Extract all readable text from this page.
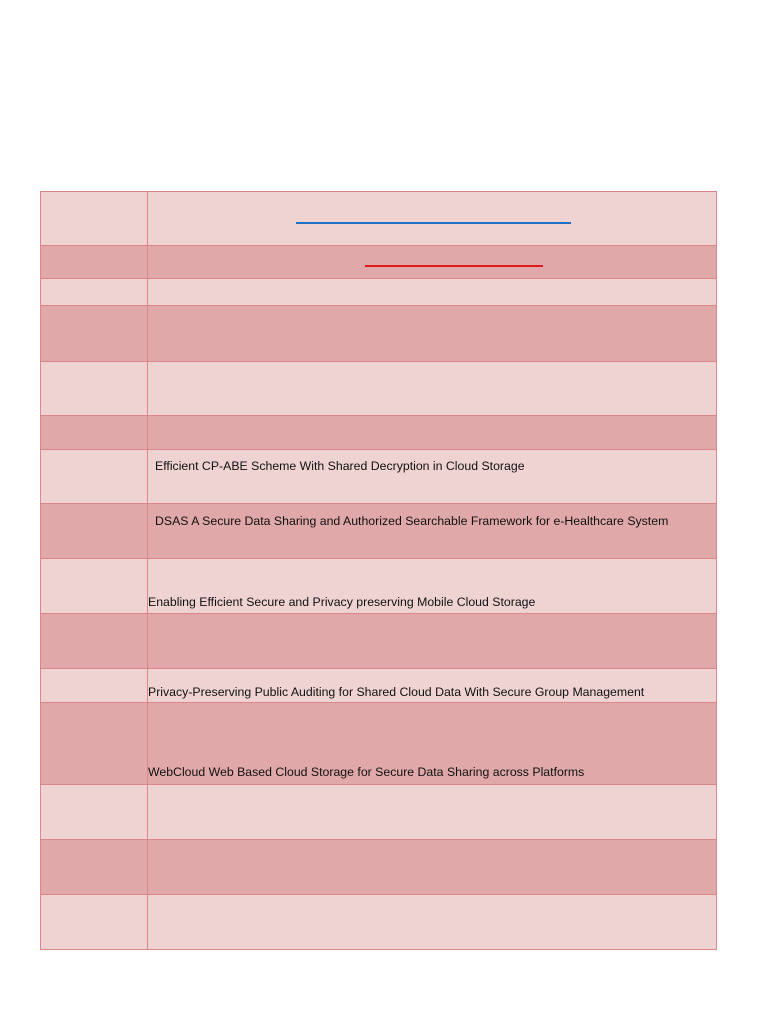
Efficient CP-ABE Scheme With Shared Decryption in Cloud Storage
DSAS A Secure Data Sharing and Authorized Searchable Framework for e-Healthcare System
Enabling Efficient Secure and Privacy preserving Mobile Cloud Storage
Privacy-Preserving Public Auditing for Shared Cloud Data With Secure Group Management
WebCloud Web Based Cloud Storage for Secure Data Sharing across Platforms
